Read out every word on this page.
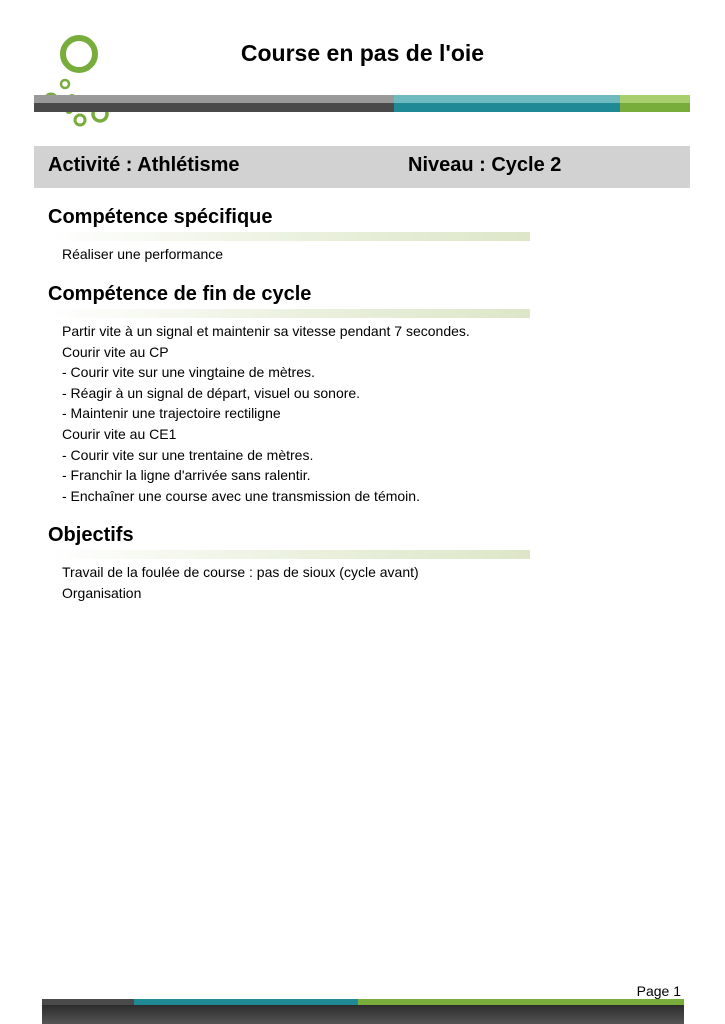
Course en pas de l'oie
Activité : Athlétisme	Niveau : Cycle 2
Compétence spécifique
Réaliser une performance
Compétence de fin de cycle
Partir vite à un signal et maintenir sa vitesse pendant 7 secondes.
Courir vite au CP
- Courir vite sur une vingtaine de mètres.
- Réagir à un signal de départ, visuel ou sonore.
- Maintenir une trajectoire rectiligne
Courir vite au CE1
- Courir vite sur une trentaine de mètres.
- Franchir la ligne d'arrivée sans ralentir.
- Enchaîner une course avec une transmission de témoin.
Objectifs
Travail de la foulée de course : pas de sioux (cycle avant)
Organisation
Page 1
